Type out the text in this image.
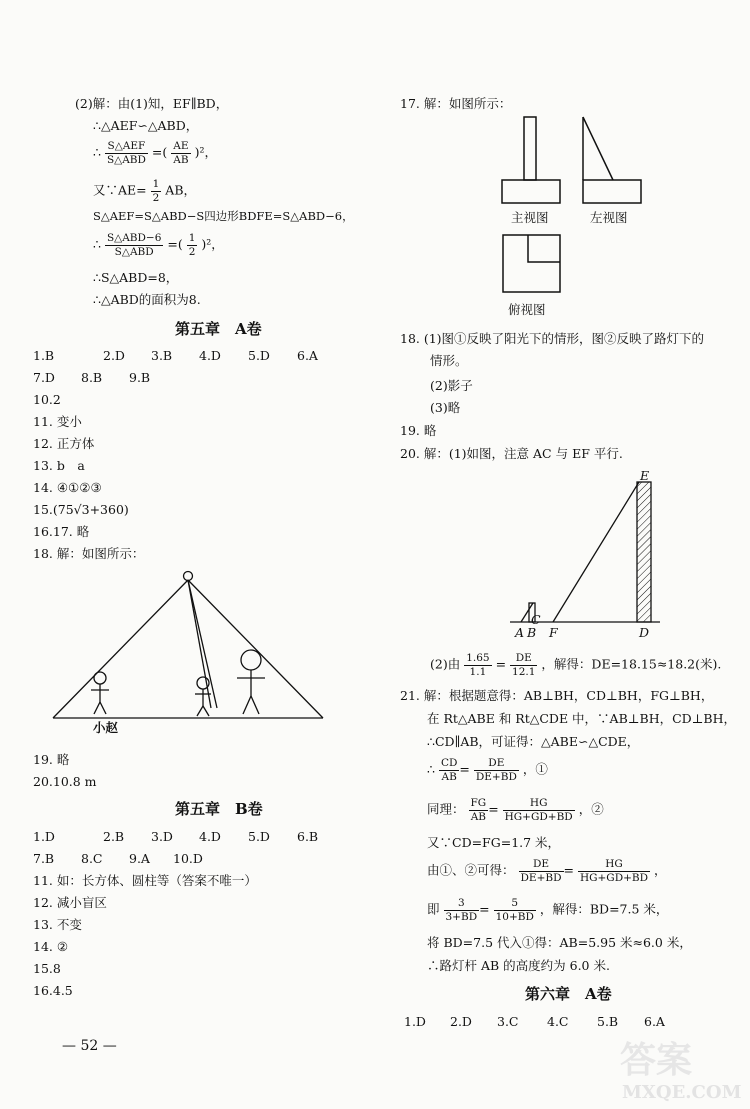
MXQE.COM
答案
(2)解：由(1)知，EF∥BD，
∴△AEF∽△ABD，
∴ $\frac{\text{S△AEF}}{\text{S△ABD}}$ =( $\frac{AE}{AB} )^2$，
又∵AE= $\frac{1}{2}$ AB，
S△AEF=S△ABD−S四边形BDFE=S△ABD−6，
∴ $\frac{\text{S△ABD−6}}{\text{S△ABD}}$ =( $\frac{1}{2} )^2$，
∴S△ABD=8，
∴△ABD的面积为8.
第五章　A卷
1.B	2.D 3.B 4.D 5.D 6.A
7.D 8.B 9.B
10.2
11. 变小
12. 正方体
13. b　a
14. ④①②③
15.(75√3+360)
16.17. 略
18. 解：如图所示：
小赵
19. 略
20.10.8 m
第五章　B卷
1.D	2.B 3.D 4.D 5.D 6.B
7.B 8.C 9.A 10.D
11. 如：长方体、圆柱等（答案不唯一）
12. 减小盲区
13. 不变
14. ②
15.8
16.4.5
— 52 —
17. 解：如图所示：
主视图	左视图
俯视图
18. (1)图①反映了阳光下的情形，图②反映了路灯下的
情形。
(2)影子
(3)略
19. 略
20. 解：(1)如图，注意 AC 与 EF 平行.
E
C
A B F	D
(2)由 $\frac{1.65}{1.1} = \frac{DE}{12.1}$ ，解得：DE=18.15≈18.2(米).
21. 解：根据题意得：AB⊥BH，CD⊥BH，FG⊥BH，
在 Rt△ABE 和 Rt△CDE 中，∵AB⊥BH，CD⊥BH，
∴CD∥AB，可证得：△ABE∽△CDE，
∴ $\frac{CD}{AB} = \frac{DE}{DE+BD}$ ，①
同理： $\frac{FG}{AB} = \frac{HG}{HG+GD+BD}$ ，②
又∵CD=FG=1.7 米，
由①、②可得： $\frac{DE}{DE+BD} = \frac{HG}{HG+GD+BD}$ ，
即 $\frac{3}{3+BD} = \frac{5}{10+BD}$ ，解得：BD=7.5 米，
将 BD=7.5 代入①得：AB=5.95 米≈6.0 米，
∴路灯杆 AB 的高度约为 6.0 米.
第六章　A卷
1.D 2.D 3.C 4.C 5.B 6.A
